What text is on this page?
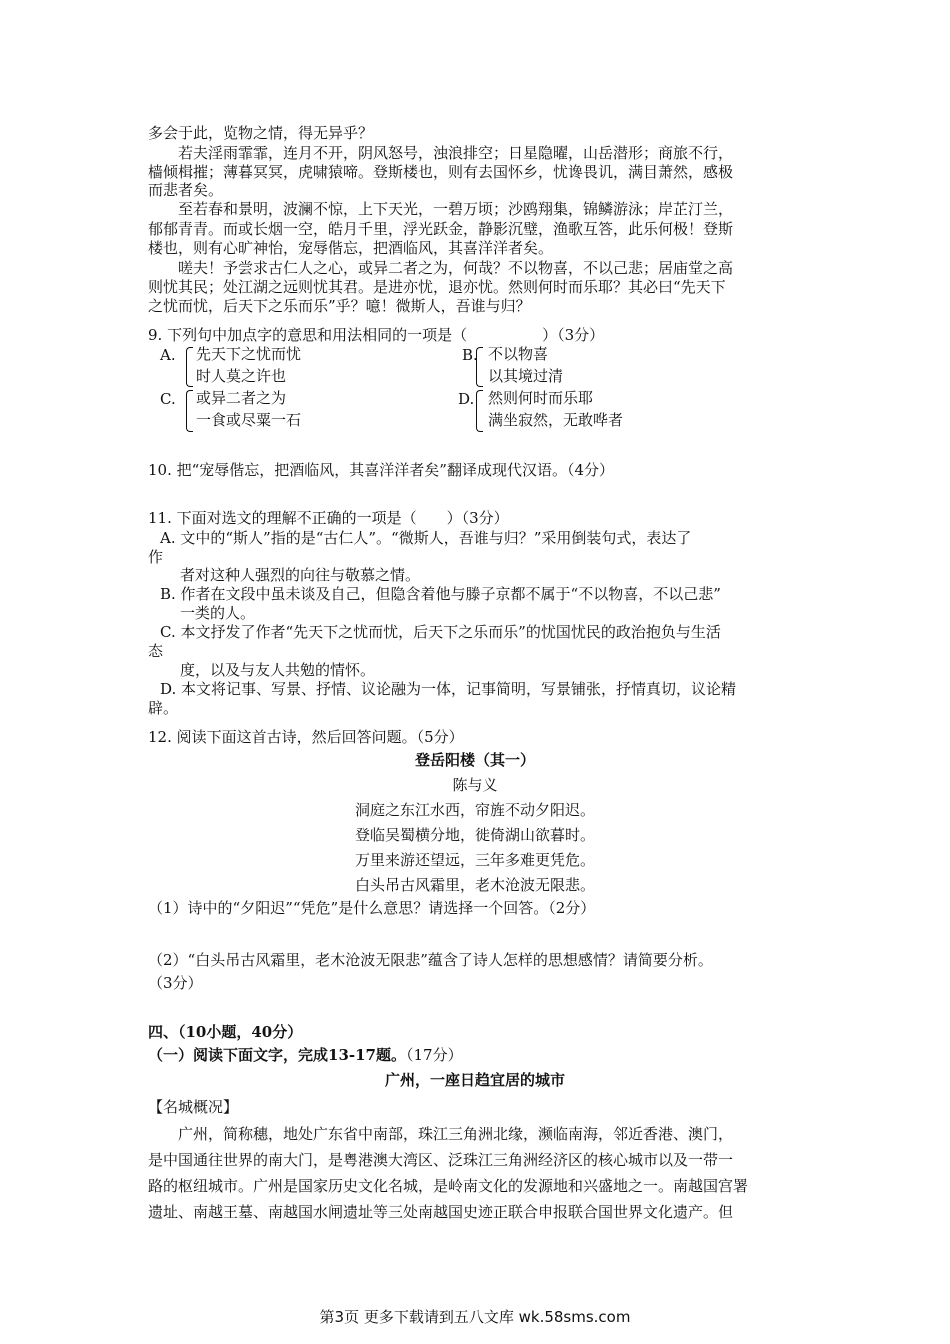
多会于此，览物之情，得无异乎？
　　若夫淫雨霏霏，连月不开，阴风怒号，浊浪排空；日星隐曜，山岳潜形；商旅不行，
樯倾楫摧；薄暮冥冥，虎啸猿啼。登斯楼也，则有去国怀乡，忧谗畏讥，满目萧然，感极
而悲者矣。
　　至若春和景明，波澜不惊，上下天光，一碧万顷；沙鸥翔集，锦鳞游泳；岸芷汀兰，
郁郁青青。而或长烟一空，皓月千里，浮光跃金，静影沉璧，渔歌互答，此乐何极！登斯
楼也，则有心旷神怡，宠辱偕忘，把酒临风，其喜洋洋者矣。
　　嗟夫！予尝求古仁人之心，或异二者之为，何哉？不以物喜，不以己悲；居庙堂之高
则忧其民；处江湖之远则忧其君。是进亦忧，退亦忧。然则何时而乐耶？其必曰“先天下
之忧而忧，后天下之乐而乐”乎？噫！微斯人，吾谁与归？
9. 下列句中加点字的意思和用法相同的一项是（　　　　　）（3分）
A. 先天下之忧而忧
时人莫之许也
B. 不以物喜
以其境过清
C. 或异二者之为
一食或尽粟一石
D. 然则何时而乐耶
满坐寂然，无敢哗者
10. 把“宠辱偕忘，把酒临风，其喜洋洋者矣”翻译成现代汉语。（4分）
11. 下面对选文的理解不正确的一项是（　　）（3分）
A. 文中的“斯人”指的是“古仁人”。“微斯人，吾谁与归？”采用倒装句式，表达了
作
者对这种人强烈的向往与敬慕之情。
B. 作者在文段中虽未谈及自己，但隐含着他与滕子京都不属于“不以物喜，不以己悲”
一类的人。
C. 本文抒发了作者“先天下之忧而忧，后天下之乐而乐”的忧国忧民的政治抱负与生活
态
度，以及与友人共勉的情怀。
D. 本文将记事、写景、抒情、议论融为一体，记事简明，写景铺张，抒情真切，议论精
辟。
12. 阅读下面这首古诗，然后回答问题。（5分）
登岳阳楼（其一）
陈与义
洞庭之东江水西，帘旌不动夕阳迟。
登临吴蜀横分地，徙倚湖山欲暮时。
万里来游还望远，三年多难更凭危。
白头吊古风霜里，老木沧波无限悲。
（1）诗中的“夕阳迟”“凭危”是什么意思？请选择一个回答。（2分）
（2）“白头吊古风霜里，老木沧波无限悲”蕴含了诗人怎样的思想感情？请简要分析。
（3分）
四、（10小题，40分）
（一）阅读下面文字，完成13-17题。（17分）
广州，一座日趋宜居的城市
【名城概况】
　　广州，简称穗，地处广东省中南部，珠江三角洲北缘，濒临南海，邻近香港、澳门，
是中国通往世界的南大门，是粤港澳大湾区、泛珠江三角洲经济区的核心城市以及一带一
路的枢纽城市。广州是国家历史文化名城，是岭南文化的发源地和兴盛地之一。南越国宫署
遗址、南越王墓、南越国水闸遗址等三处南越国史迹正联合申报联合国世界文化遗产。但
第3页 更多下载请到五八文库 wk.58sms.com
